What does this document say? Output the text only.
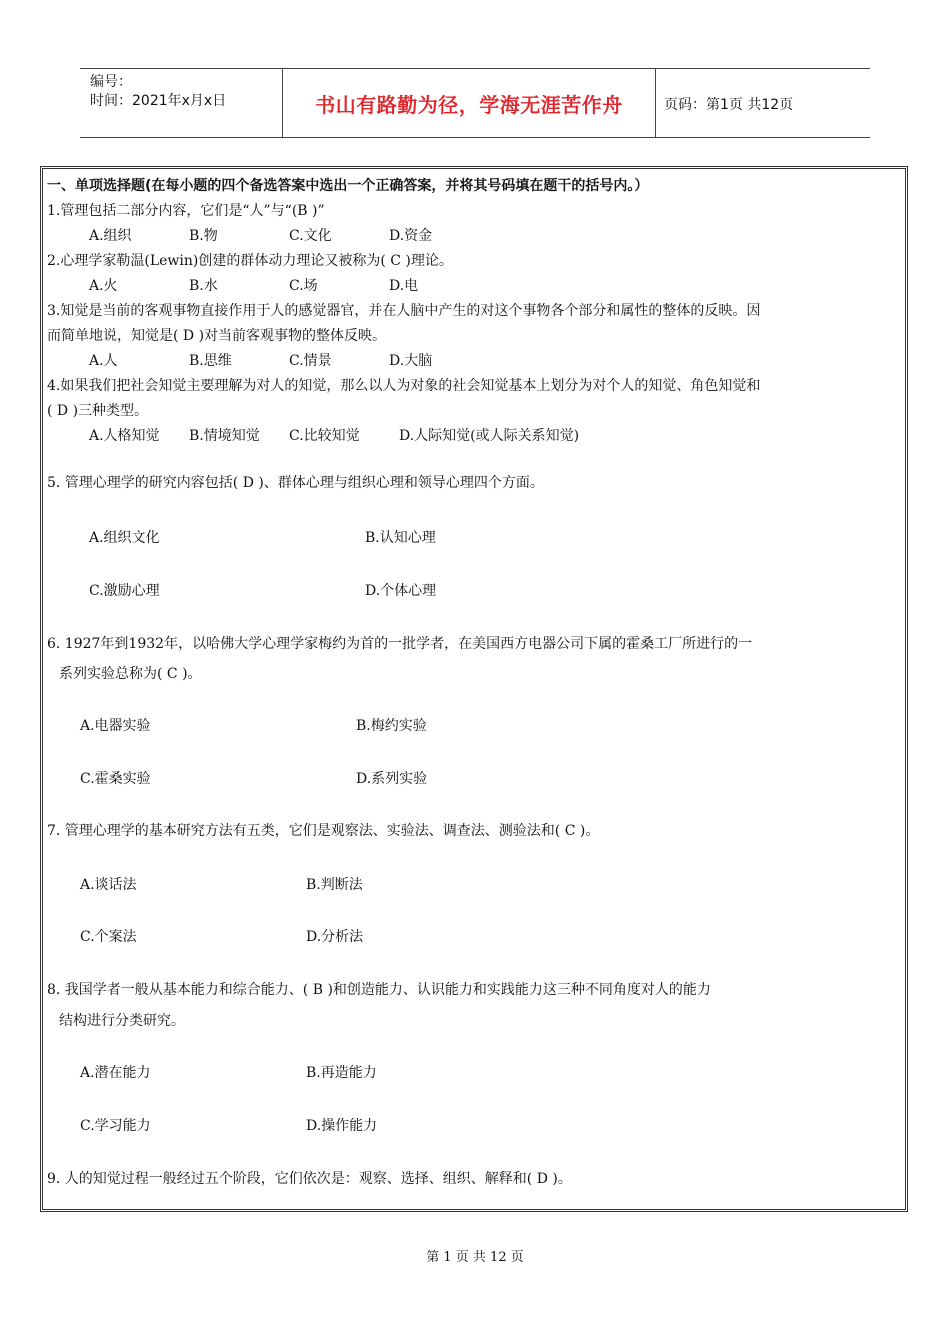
编号：
时间：2021年x月x日	书山有路勤为径，学海无涯苦作舟	页码：第1页 共12页
一、单项选择题(在每小题的四个备选答案中选出一个正确答案，并将其号码填在题干的括号内。）
1.管理包括二部分内容，它们是“人”与“(B )”
A.组织	B.物	C.文化	D.资金
2.心理学家勒温(Lewin)创建的群体动力理论又被称为( C )理论。
A.火	B.水	C.场	D.电
3.知觉是当前的客观事物直接作用于人的感觉器官，并在人脑中产生的对这个事物各个部分和属性的整体的反映。因
而简单地说，知觉是( D )对当前客观事物的整体反映。
A.人	B.思维	C.情景	D.大脑
4.如果我们把社会知觉主要理解为对人的知觉，那么以人为对象的社会知觉基本上划分为对个人的知觉、角色知觉和
( D )三种类型。
A.人格知觉 B.情境知觉 C.比较知觉	D.人际知觉(或人际关系知觉)
5. 管理心理学的研究内容包括( D )、群体心理与组织心理和领导心理四个方面。
A.组织文化	B.认知心理
C.激励心理	D.个体心理
6. 1927年到1932年，以哈佛大学心理学家梅约为首的一批学者，在美国西方电器公司下属的霍桑工厂所进行的一
系列实验总称为( C )。
A.电器实验	B.梅约实验
C.霍桑实验	D.系列实验
7. 管理心理学的基本研究方法有五类，它们是观察法、实验法、调查法、测验法和( C )。
A.谈话法	B.判断法
C.个案法	D.分析法
8. 我国学者一般从基本能力和综合能力、( B )和创造能力、认识能力和实践能力这三种不同角度对人的能力
结构进行分类研究。
A.潜在能力	B.再造能力
C.学习能力	D.操作能力
9. 人的知觉过程一般经过五个阶段，它们依次是：观察、选择、组织、解释和( D )。
第 1 页 共 12 页
